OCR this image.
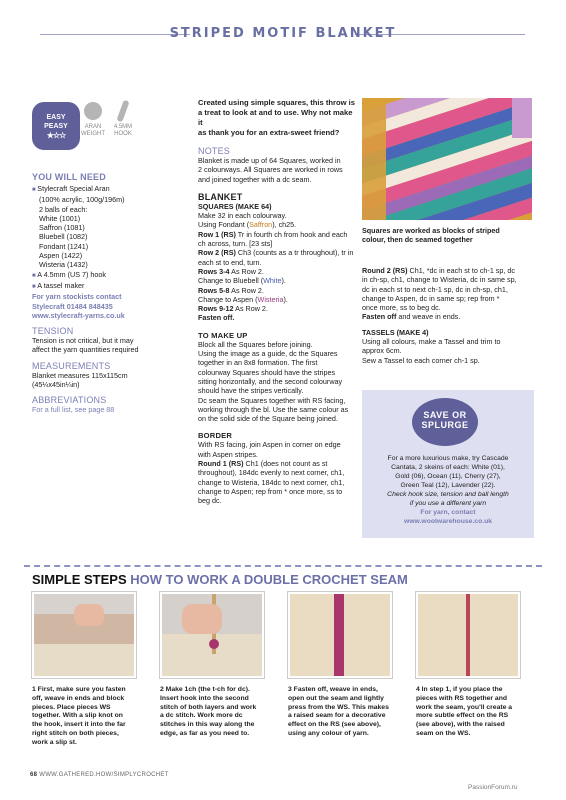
STRIPED MOTIF BLANKET
EASY
PEASY
★☆☆
ARAN
WEIGHT
4.5MM
HOOK
YOU WILL NEED
■ Stylecraft Special Aran
(100% acrylic, 100g/196m)
2 balls of each:
White (1001)
Saffron (1081)
Bluebell (1082)
Fondant (1241)
Aspen (1422)
Wisteria (1432)
■ A 4.5mm (US 7) hook
■ A tassel maker
For yarn stockists contact
Stylecraft 01484 848435
www.stylecraft-yarns.co.uk
TENSION
Tension is not critical, but it may
affect the yarn quantities required
MEASUREMENTS
Blanket measures 115x115cm
(45¼x45in¼in)
ABBREVIATIONS
For a full list, see page 88
Created using simple squares, this throw is
a treat to look at and to use. Why not make it
as thank you for an extra-sweet friend?
NOTES
Blanket is made up of 64 Squares, worked in
2 colourways. All Squares are worked in rows
and joined together with a dc seam.
BLANKET
SQUARES (MAKE 64)
Make 32 in each colourway.
Using Fondant (Saffron), ch25.
Row 1 (RS) Tr in fourth ch from hook and each
ch across, turn. [23 sts]
Row 2 (RS) Ch3 (counts as a tr throughout), tr in
each st to end, turn.
Rows 3-4 As Row 2.
Change to Bluebell (White).
Rows 5-8 As Row 2.
Change to Aspen (Wisteria).
Rows 9-12 As Row 2.
Fasten off.
TO MAKE UP
Block all the Squares before joining.
Using the image as a guide, dc the Squares
together in an 8x8 formation. The first
colourway Squares should have the stripes
sitting horizontally, and the second colourway
should have the stripes vertically.
Dc seam the Squares together with RS facing,
working through the bl. Use the same colour as
on the solid side of the Square being joined.
BORDER
With RS facing, join Aspen in corner on edge
with Aspen stripes.
Round 1 (RS) Ch1 (does not count as st
throughout), 184dc evenly to next corner, ch1,
change to Wisteria, 184dc to next corner, ch1,
change to Aspen; rep from * once more, ss to
beg dc.
Squares are worked as blocks of striped
colour, then dc seamed together
Round 2 (RS) Ch1, *dc in each st to ch-1 sp, dc
in ch-sp, ch1, change to Wisteria, dc in same sp,
dc in each st to next ch-1 sp, dc in ch-sp, ch1,
change to Aspen, dc in same sp; rep from *
once more, ss to beg dc.
Fasten off and weave in ends.
TASSELS (MAKE 4)
Using all colours, make a Tassel and trim to
approx 6cm.
Sew a Tassel to each corner ch-1 sp.
SAVE OR
SPLURGE
For a more luxurious make, try Cascade
Cantata, 2 skeins of each: White (01),
Gold (06), Ocean (11), Cherry (27),
Green Teal (12), Lavender (22).
Check hook size, tension and ball length
if you use a different yarn
For yarn, contact
www.woolwarehouse.co.uk
SIMPLE STEPS HOW TO WORK A DOUBLE CROCHET SEAM
1 First, make sure you fasten
off, weave in ends and block
pieces. Place pieces WS
together. With a slip knot on
the hook, insert it into the far
right stitch on both pieces,
work a slip st.
2 Make 1ch (the t-ch for dc).
Insert hook into the second
stitch of both layers and work
a dc stitch. Work more dc
stitches in this way along the
edge, as far as you need to.
3 Fasten off, weave in ends,
open out the seam and lightly
press from the WS. This makes
a raised seam for a decorative
effect on the RS (see above),
using any colour of yarn.
4 In step 1, if you place the
pieces with RS together and
work the seam, you'll create a
more subtle effect on the RS
(see above), with the raised
seam on the WS.
68 WWW.GATHERED.HOW/SIMPLYCROCHET
PassionForum.ru
